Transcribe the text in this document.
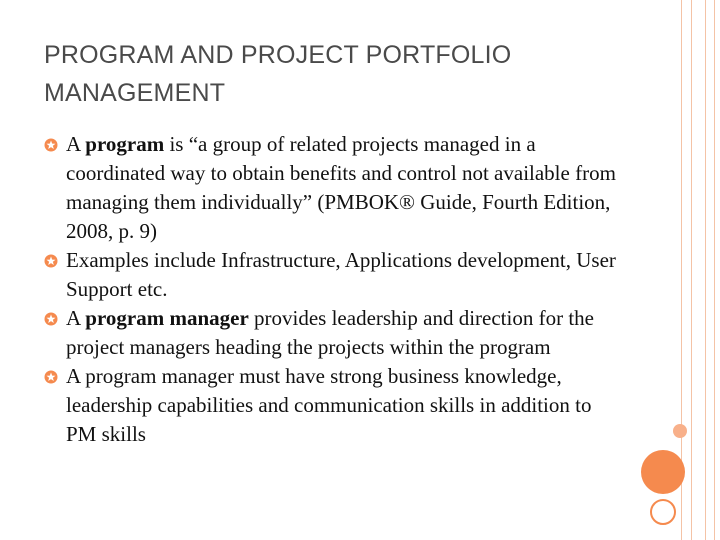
PROGRAM AND PROJECT PORTFOLIO MANAGEMENT
A program is “a group of related projects managed in a coordinated way to obtain benefits and control not available from managing them individually” (PMBOK® Guide, Fourth Edition, 2008, p. 9)
Examples include Infrastructure, Applications development, User Support etc.
A program manager provides leadership and direction for the project managers heading the projects within the program
A program manager must have strong business knowledge, leadership capabilities and communication skills in addition to PM skills
